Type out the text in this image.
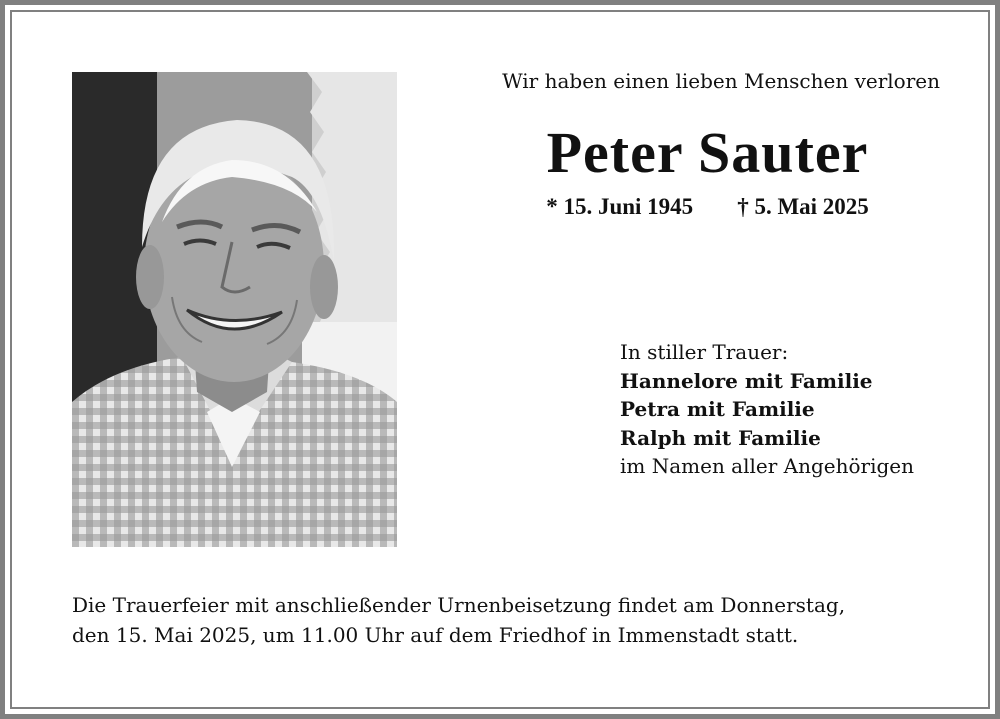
Wir haben einen lieben Menschen verloren
Peter Sauter
* 15. Juni 1945 † 5. Mai 2025
In stiller Trauer:
Hannelore mit Familie
Petra mit Familie
Ralph mit Familie
im Namen aller Angehörigen
Die Trauerfeier mit anschließender Urnenbeisetzung findet am Donnerstag,
den 15. Mai 2025, um 11.00 Uhr auf dem Friedhof in Immenstadt statt.
